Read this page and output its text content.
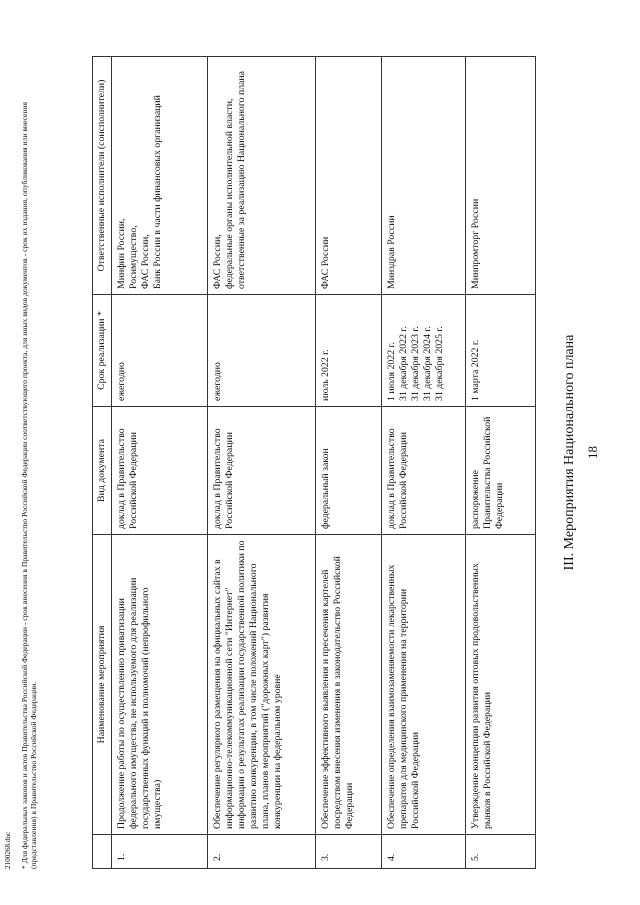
18
III. Мероприятия Национального плана
	Наименование мероприятия	Вид документа	Срок реализации *	Ответственные исполнители (соисполнители)
1.	Продолжение работы по осуществлению приватизации федерального имущества, не используемого для реализации государственных функций и полномочий (непрофильного имущества)	доклад в Правительство Российской Федерации	ежегодно	Минфин России, Росимущество, ФАС России, Банк России в части финансовых организаций

2.	Обеспечение регулярного размещения на официальных сайтах в информационно-телекоммуникационной сети "Интернет" информации о результатах реализации государственной политики по развитию конкуренции, в том числе положений Национального плана, планов мероприятий ("дорожных карт") развития конкуренции на федеральном уровне	доклад в Правительство Российской Федерации	ежегодно	ФАС России, федеральные органы исполнительной власти, ответственные за реализацию Национального плана

3.	Обеспечение эффективного выявления и пресечения картелей посредством внесения изменения в законодательство Российской Федерации	федеральный закон	июль 2022 г.	ФАС России

4.	Обеспечение определения взаимозаменяемости лекарственных препаратов для медицинского применения на территории Российской Федерации	доклад в Правительство Российской Федерации	1 июля 2022 г. 31 декабря 2022 г. 31 декабря 2023 г. 31 декабря 2024 г. 31 декабря 2025 г.	Минздрав России

5.	Утверждение концепции развития оптовых продовольственных рынков в Российской Федерации	распоряжение Правительства Российской Федерации	1 марта 2022 г.	Минпромторг России
* Для федеральных законов и актов Правительства Российской Федерации - срок внесения в Правительство Российской Федерации соответствующего проекта, для иных видов документов - срок их издания, опубликования или внесения (представления) в Правительство Российской Федерации.
2100268.doc
